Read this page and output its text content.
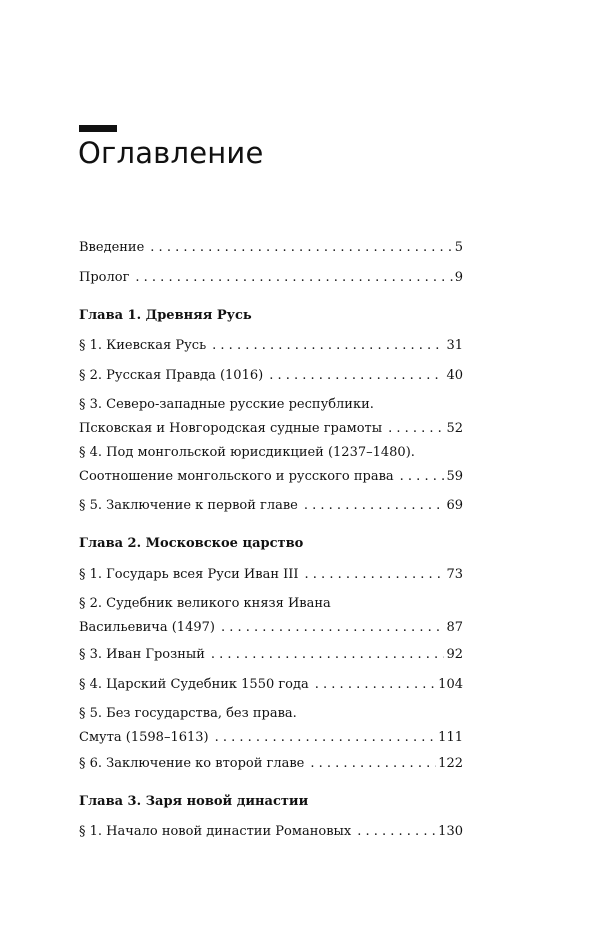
Оглавление
Введение . . .	5
Пролог . . .	9
Глава 1. Древняя Русь
§ 1. Киевская Русь . . .	31
§ 2. Русская Правда (1016) . . .	40
§ 3. Северо-западные русские республики.
Псковская и Новгородская судные грамоты . . .	52
§ 4. Под монгольской юрисдикцией (1237–1480).
Соотношение монгольского и русского права . . .	59
§ 5. Заключение к первой главе . . .	69
Глава 2. Московское царство
§ 1. Государь всея Руси Иван III . . .	73
§ 2. Судебник великого князя Ивана
Васильевича (1497) . . .	87
§ 3. Иван Грозный . . .	92
§ 4. Царский Судебник 1550 года . . .	104
§ 5. Без государства, без права.
Смута (1598–1613) . . .	111
§ 6. Заключение ко второй главе . . .	122
Глава 3. Заря новой династии
§ 1. Начало новой династии Романовых . . .	130
